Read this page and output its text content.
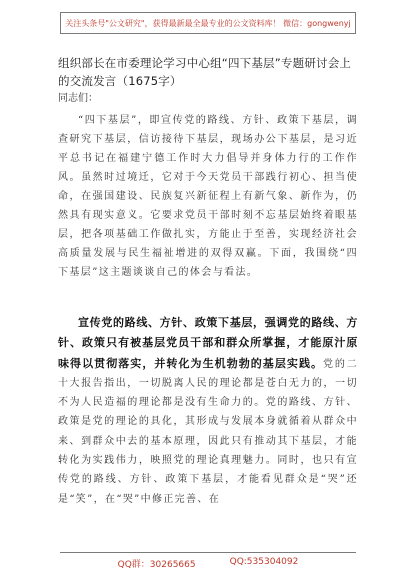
关注头条号"公文研究"，获得最新最全最专业的公文资料库！ 微信：gongwenyj

组织部长在市委理论学习中心组“四下基层”专题研讨会上的交流发言（1675字）

同志们：

“四下基层”，即宣传党的路线、方针、政策下基层，调查研究下基层，信访接待下基层，现场办公下基层，是习近平总书记在福建宁德工作时大力倡导并身体力行的工作作风。虽然时过境迁，它对于今天党员干部践行初心、担当使命，在强国建设、民族复兴新征程上有新气象、新作为，仍然具有现实意义。它要求党员干部时刻不忘基层始终着眼基层，把各项基础工作做扎实，方能止于至善，实现经济社会高质量发展与民生福祉增进的双得双赢。下面，我围绕“四下基层”这主题谈谈自己的体会与看法。

宣传党的路线、方针、政策下基层，强调党的路线、方针、政策只有被基层党员干部和群众所掌握，才能原汁原味得以贯彻落实，并转化为生机勃勃的基层实践。党的二十大报告指出，一切脱离人民的理论都是苍白无力的，一切不为人民造福的理论都是没有生命力的。党的路线、方针、政策是党的理论的具化，其形成与发展本身就循着从群众中来、到群众中去的基本原理，因此只有推动其下基层，才能转化为实践伟力，映照党的理论真理魅力。同时，也只有宣传党的路线、方针、政策下基层，才能看见群众是“哭”还是“笑”，在“哭”中修正完善、在

QQ群：30265665	QQ:535304092
